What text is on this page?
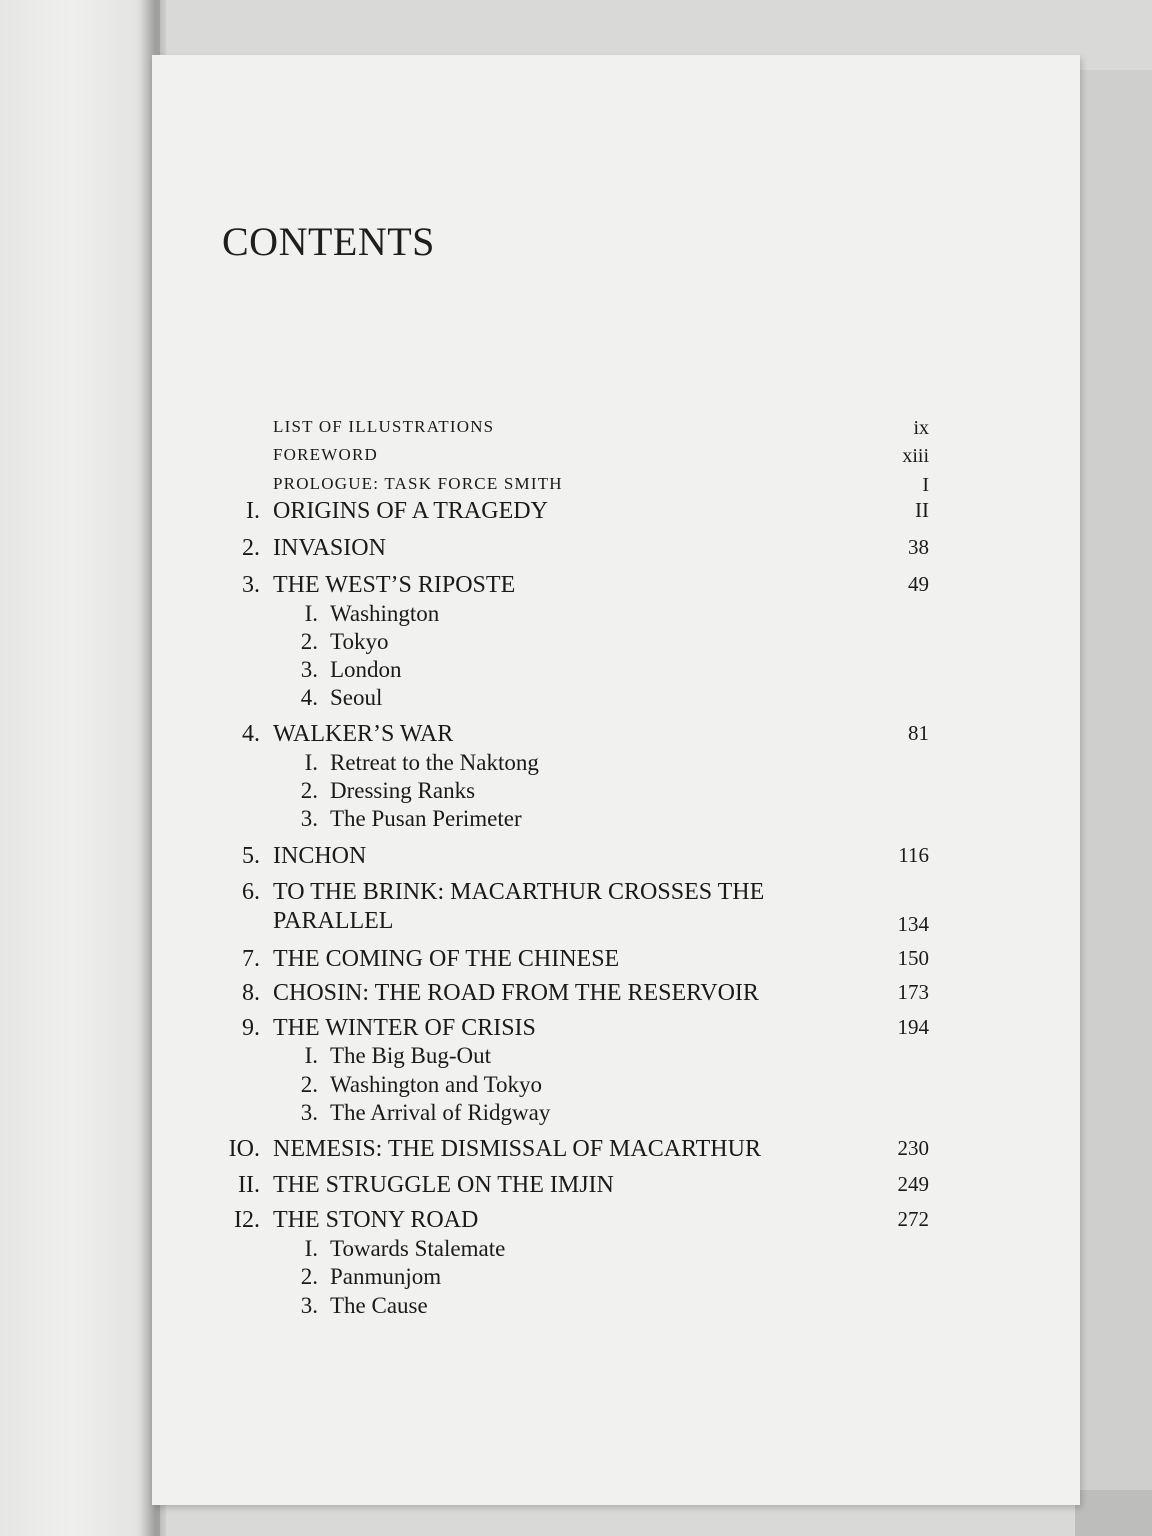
CONTENTS
LIST OF ILLUSTRATIONS	ix
FOREWORD	xiii
PROLOGUE: TASK FORCE SMITH	I
I. ORIGINS OF A TRAGEDY	II
2. INVASION	38
3. THE WEST’S RIPOSTE	49
I. Washington
2. Tokyo
3. London
4. Seoul
4. WALKER’S WAR	81
I. Retreat to the Naktong
2. Dressing Ranks
3. The Pusan Perimeter
5. INCHON	116
6. TO THE BRINK: MACARTHUR CROSSES THE
PARALLEL	134
7. THE COMING OF THE CHINESE	150
8. CHOSIN: THE ROAD FROM THE RESERVOIR	173
9. THE WINTER OF CRISIS	194
I. The Big Bug-Out
2. Washington and Tokyo
3. The Arrival of Ridgway
IO. NEMESIS: THE DISMISSAL OF MACARTHUR	230
II. THE STRUGGLE ON THE IMJIN	249
I2. THE STONY ROAD	272
I. Towards Stalemate
2. Panmunjom
3. The Cause
